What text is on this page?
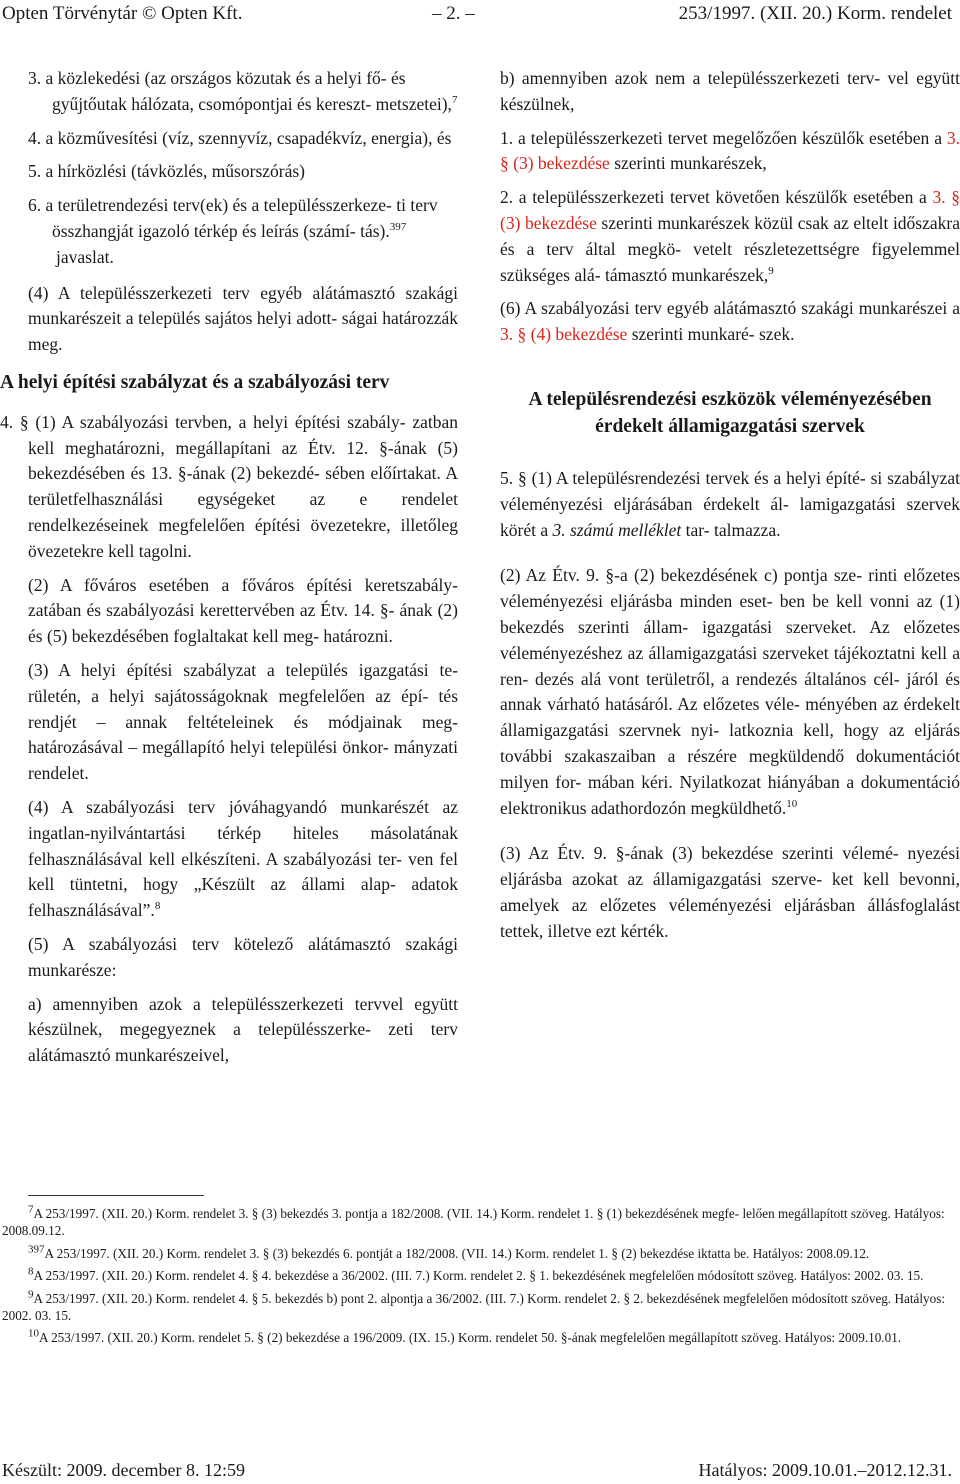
Opten Törvénytár © Opten Kft.	– 2. –	253/1997. (XII. 20.) Korm. rendelet
3. a közlekedési (az országos közutak és a helyi fő- és gyűjtőutak hálózata, csomópontjai és kereszt- metszetei),$^7$
4. a közművesítési (víz, szennyvíz, csapadékvíz, energia), és
5. a hírközlési (távközlés, műsorszórás)
6. a területrendezési terv(ek) és a településszerkeze- ti terv összhangját igazoló térkép és leírás (számí- tás).$^{397}$

javaslat.

(4) A településszerkezeti terv egyéb alátámasztó szakági munkarészeit a település sajátos helyi adott- ságai határozzák meg.

A helyi építési szabályzat és a szabályozási terv

4. § (1) A szabályozási tervben, a helyi építési szabály- zatban kell meghatározni, megállapítani az Étv. 12. §-ának (5) bekezdésében és 13. §-ának (2) bekezdé- sében előírtakat. A területfelhasználási egységeket az e rendelet rendelkezéseinek megfelelően építési övezetekre, illetőleg övezetekre kell tagolni.

(2) A főváros esetében a főváros építési keretszabály- zatában és szabályozási kerettervében az Étv. 14. §- ának (2) és (5) bekezdésében foglaltakat kell meg- határozni.

(3) A helyi építési szabályzat a település igazgatási te- rületén, a helyi sajátosságoknak megfelelően az épí- tés rendjét – annak feltételeinek és módjainak meg- határozásával – megállapító helyi települési önkor- mányzati rendelet.

(4) A szabályozási terv jóváhagyandó munkarészét az ingatlan-nyilvántartási térkép hiteles másolatának felhasználásával kell elkészíteni. A szabályozási ter- ven fel kell tüntetni, hogy „Készült az állami alap- adatok felhasználásával”.$^8$

(5) A szabályozási terv kötelező alátámasztó szakági munkarésze:

a) amennyiben azok a településszerkezeti tervvel együtt készülnek, megegyeznek a településszerke- zeti terv alátámasztó munkarészeivel,

b) amennyiben azok nem a településszerkezeti terv- vel együtt készülnek,

1. a településszerkezeti tervet megelőzően készülők esetében a 3. § (3) bekezdése szerinti munkarészek,

2. a településszerkezeti tervet követően készülők esetében a 3. § (3) bekezdése szerinti munkarészek közül csak az eltelt időszakra és a terv által megkö- vetelt részletezettségre figyelemmel szükséges alá- támasztó munkarészek,$^9$

(6) A szabályozási terv egyéb alátámasztó szakági munkarészei a 3. § (4) bekezdése szerinti munkaré- szek.

A településrendezési eszközök véleményezésében érdekelt államigazgatási szervek

5. § (1) A településrendezési tervek és a helyi építé- si szabályzat véleményezési eljárásában érdekelt ál- lamigazgatási szervek körét a 3. számú melléklet tar- talmazza.

(2) Az Étv. 9. §-a (2) bekezdésének c) pontja sze- rinti előzetes véleményezési eljárásba minden eset- ben be kell vonni az (1) bekezdés szerinti állam- igazgatási szerveket. Az előzetes véleményezéshez az államigazgatási szerveket tájékoztatni kell a ren- dezés alá vont területről, a rendezés általános cél- járól és annak várható hatásáról. Az előzetes véle- ményében az érdekelt államigazgatási szervnek nyi- latkoznia kell, hogy az eljárás további szakaszaiban a részére megküldendő dokumentációt milyen for- mában kéri. Nyilatkozat hiányában a dokumentáció elektronikus adathordozón megküldhető.$^{10}$

(3) Az Étv. 9. §-ának (3) bekezdése szerinti vélemé- nyezési eljárásba azokat az államigazgatási szerve- ket kell bevonni, amelyek az előzetes véleményezési eljárásban állásfoglalást tettek, illetve ezt kérték.

$^7$A 253/1997. (XII. 20.) Korm. rendelet 3. § (3) bekezdés 3. pontja a 182/2008. (VII. 14.) Korm. rendelet 1. § (1) bekezdésének megfe- lelően megállapított szöveg. Hatályos: 2008.09.12.
$^{397}$A 253/1997. (XII. 20.) Korm. rendelet 3. § (3) bekezdés 6. pontját a 182/2008. (VII. 14.) Korm. rendelet 1. § (2) bekezdése iktatta be. Hatályos: 2008.09.12.
$^8$A 253/1997. (XII. 20.) Korm. rendelet 4. § 4. bekezdése a 36/2002. (III. 7.) Korm. rendelet 2. § 1. bekezdésének megfelelően módosított szöveg. Hatályos: 2002. 03. 15.
$^9$A 253/1997. (XII. 20.) Korm. rendelet 4. § 5. bekezdés b) pont 2. alpontja a 36/2002. (III. 7.) Korm. rendelet 2. § 2. bekezdésének megfelelően módosított szöveg. Hatályos: 2002. 03. 15.
$^{10}$A 253/1997. (XII. 20.) Korm. rendelet 5. § (2) bekezdése a 196/2009. (IX. 15.) Korm. rendelet 50. §-ának megfelelően megállapított szöveg. Hatályos: 2009.10.01.
Készült: 2009. december 8. 12:59	Hatályos: 2009.10.01.–2012.12.31.
